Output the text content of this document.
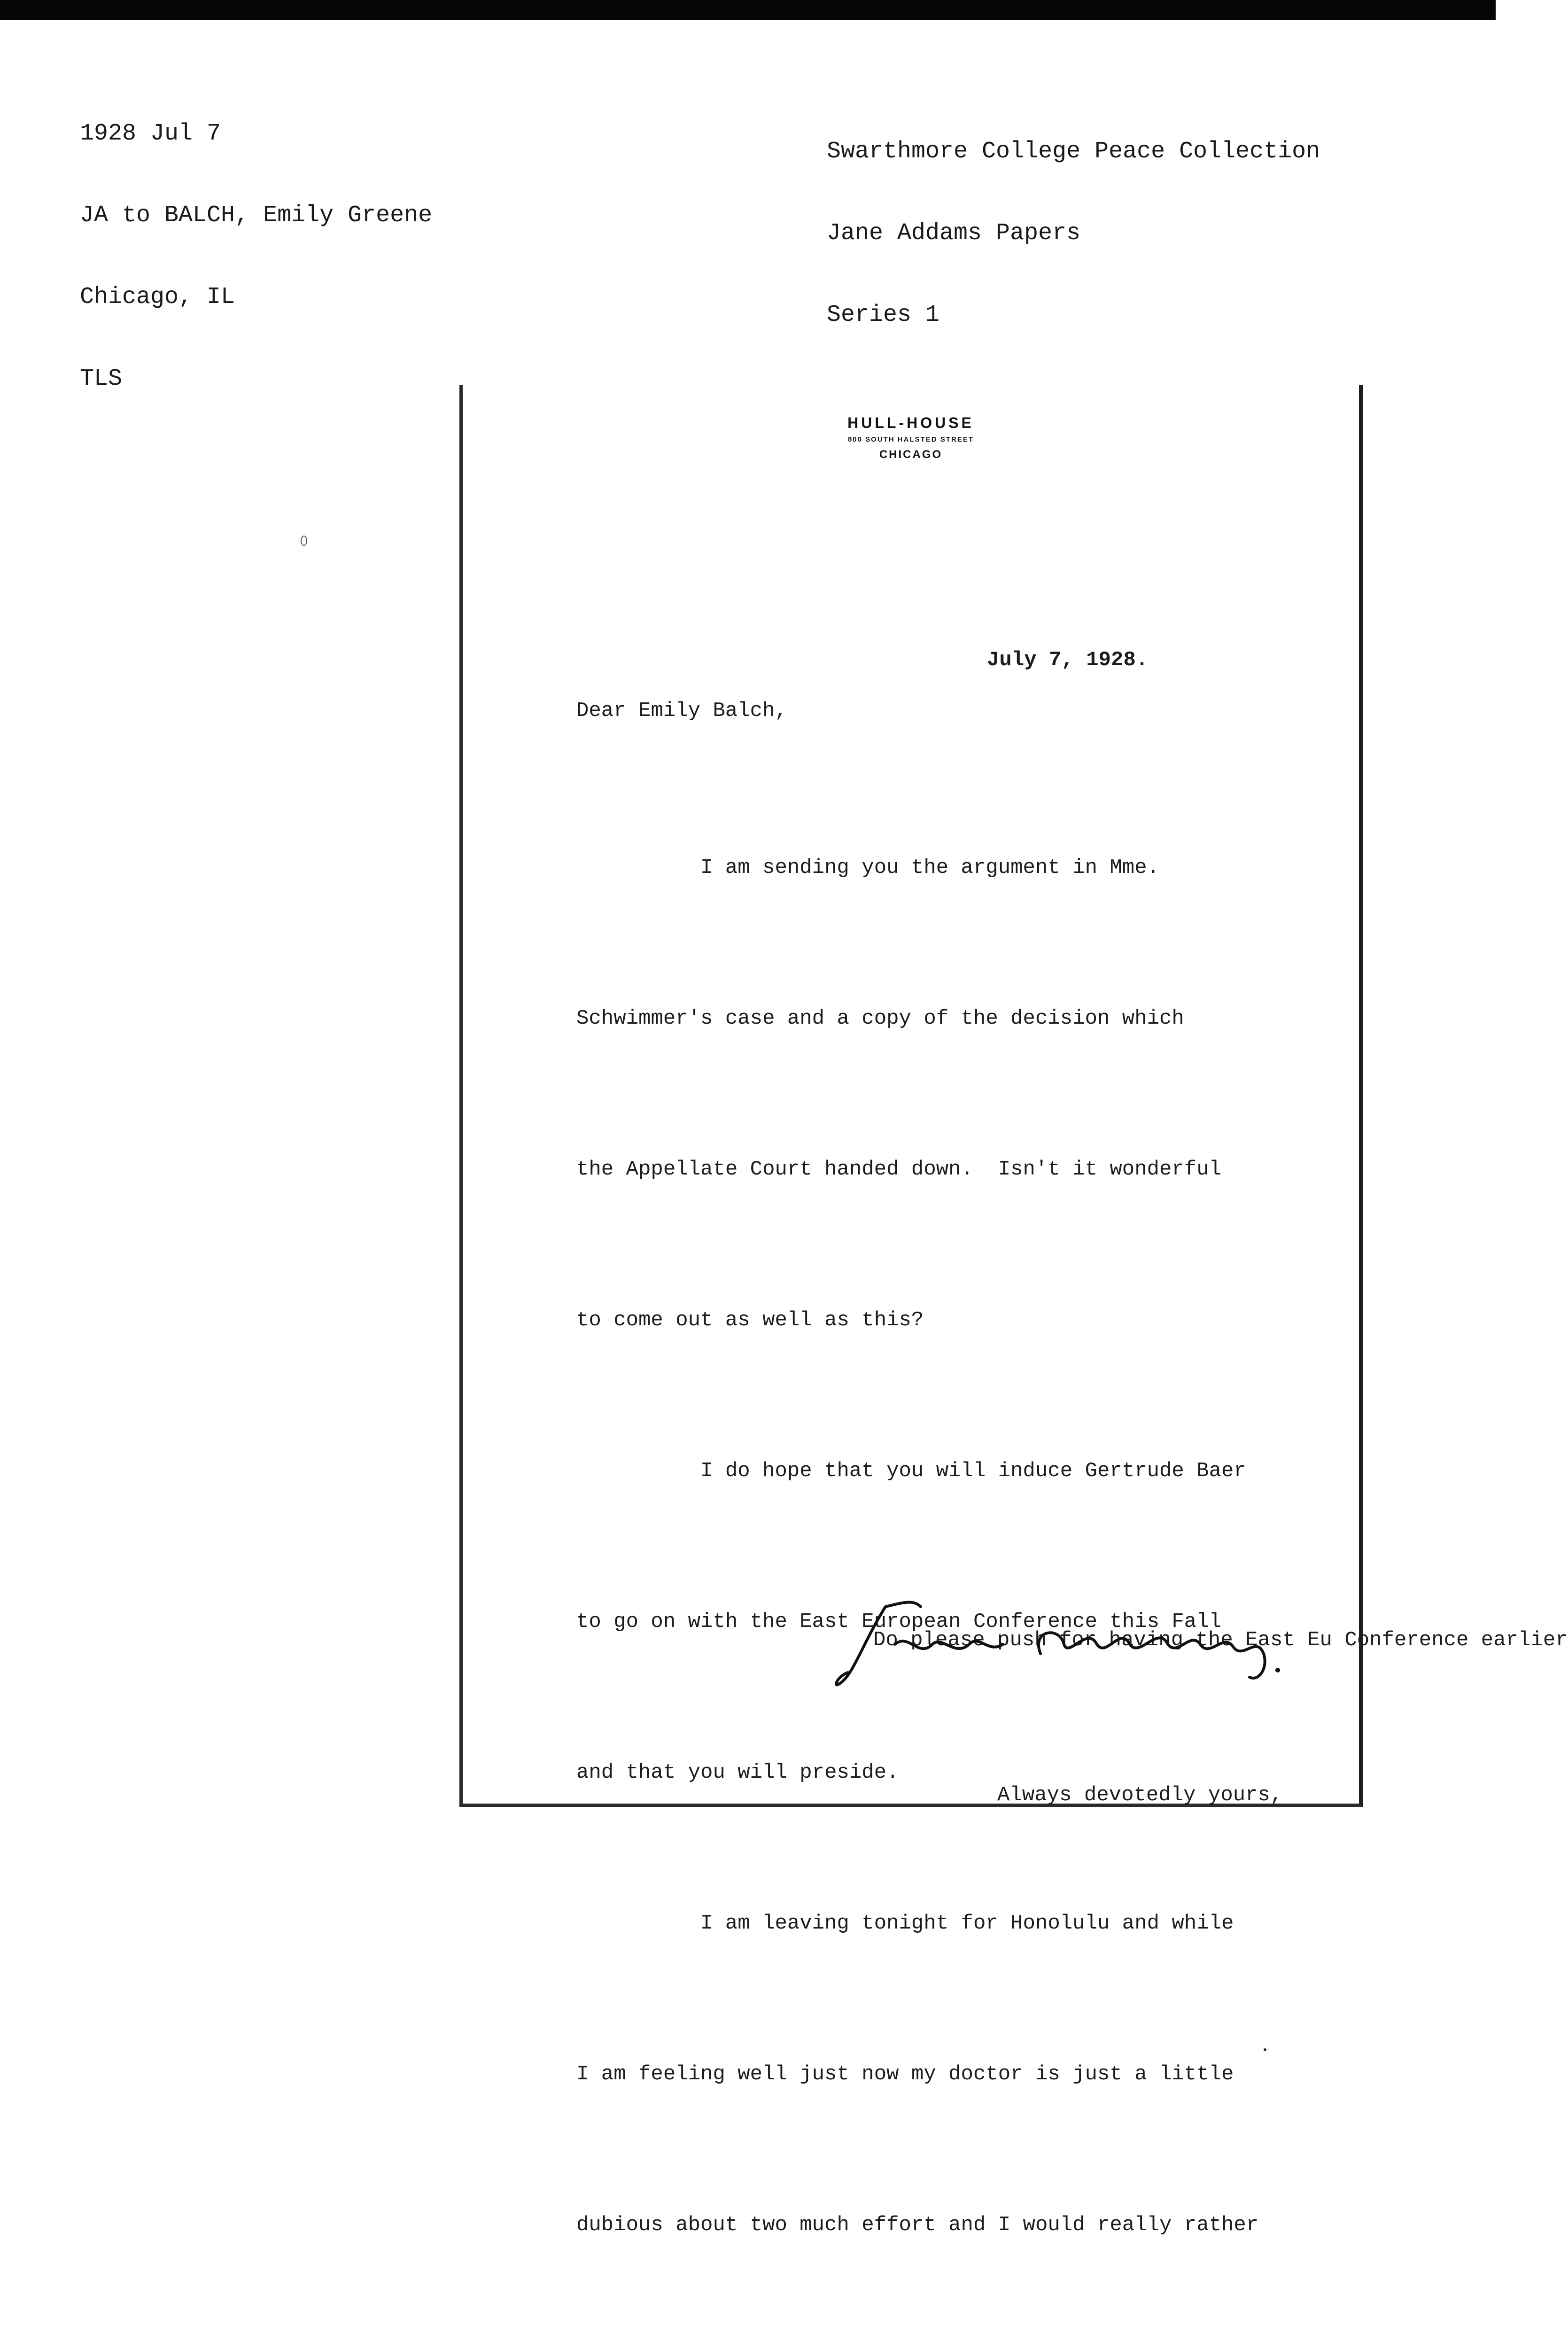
1928 Jul 7

JA to BALCH, Emily Greene

Chicago, IL

TLS

Swarthmore College Peace Collection

Jane Addams Papers

Series 1

HULL-HOUSE
800 SOUTH HALSTED STREET
CHICAGO
July 7, 1928.
Dear Emily Balch,

I am sending you the argument in Mme.

Schwimmer's case and a copy of the decision which

the Appellate Court handed down.  Isn't it wonderful

to come out as well as this?

I do hope that you will induce Gertrude Baer

to go on with the East European Conference this Fall

and that you will preside.

I am leaving tonight for Honolulu and while

I am feeling well just now my doctor is just a little

dubious about two much effort and I would really rather

Do please push for having the East Eu Conference earlier

Always devotedly yours,
